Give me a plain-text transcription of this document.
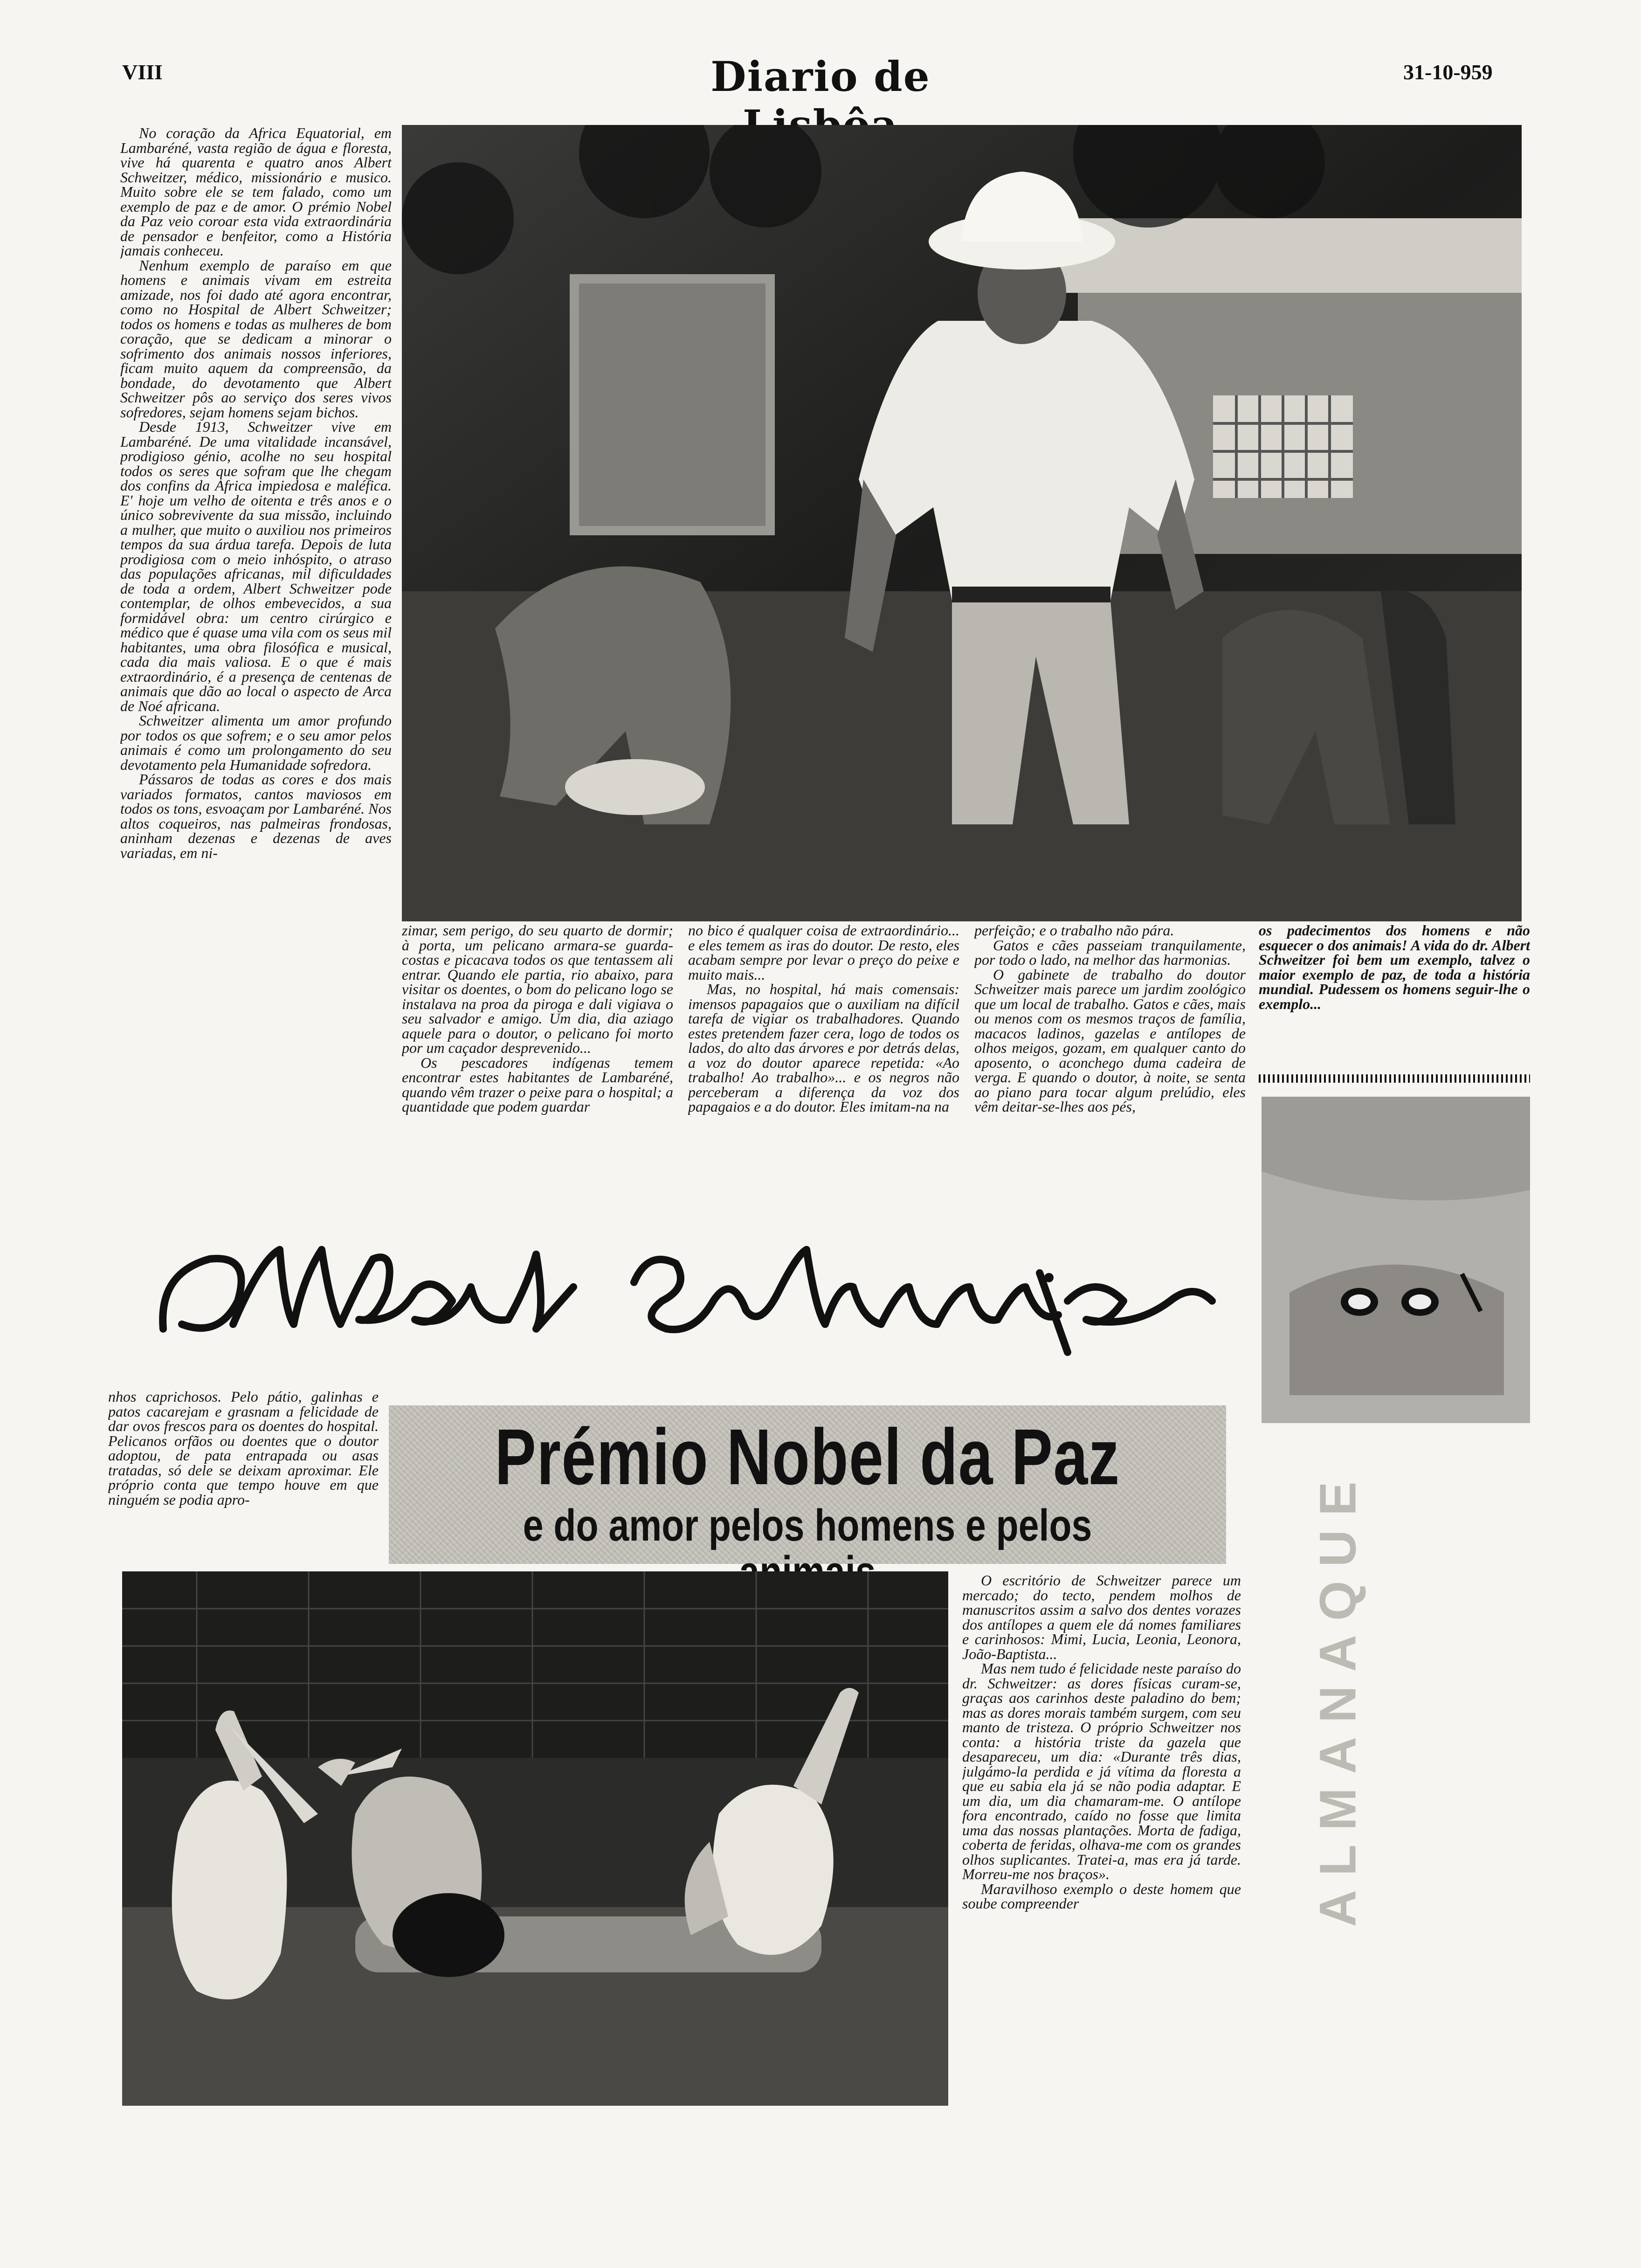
VIII	Diario de	31-10-959

No coração da Africa Equatorial, em Lambaréné, vasta região de água e floresta, vive há quarenta e quatro anos Albert Schweitzer, médico, missionário e musico. Muito sobre ele se tem falado, como um exemplo de paz e de amor. O prémio Nobel da Paz veio coroar esta vida extraordinária de pensador e benfeitor, como a História jamais conheceu.

Nenhum exemplo de paraíso em que homens e animais vivam em estreita amizade, nos foi dado até agora encontrar, como no Hospital de Albert Schweitzer; todos os homens e todas as mulheres de bom coração, que se dedicam a minorar o sofrimento dos animais nossos inferiores, ficam muito aquem da compreensão, da bondade, do devotamento que Albert Schweitzer pôs ao serviço dos seres vivos sofredores, sejam homens sejam bichos.

Desde 1913, Schweitzer vive em Lambaréné. De uma vitalidade incansável, prodigioso génio, acolhe no seu hospital todos os seres que sofram que lhe chegam dos confins da Africa impiedosa e maléfica. E' hoje um velho de oitenta e três anos e o único sobrevivente da sua missão, incluindo a mulher, que muito o auxiliou nos primeiros tempos da sua árdua tarefa. Depois de luta prodigiosa com o meio inhóspito, o atraso das populações africanas, mil dificuldades de toda a ordem, Albert Schweitzer pode contemplar, de olhos embevecidos, a sua formidável obra: um centro cirúrgico e médico que é quase uma vila com os seus mil habitantes, uma obra filosófica e musical, cada dia mais valiosa. E o que é mais extraordinário, é a presença de centenas de animais que dão ao local o aspecto de Arca de Noé africana.

Schweitzer alimenta um amor profundo por todos os que sofrem; e o seu amor pelos animais é como um prolongamento do seu devotamento pela Humanidade sofredora.

Pássaros de todas as cores e dos mais variados formatos, cantos maviosos em todos os tons, esvoaçam por Lambaréné. Nos altos coqueiros, nas palmeiras frondosas, aninham dezenas e dezenas de aves variadas, em ni-

zimar, sem perigo, do seu quarto de dormir; à porta, um pelicano armara-se guarda-costas e picacava todos os que tentassem ali entrar. Quando ele partia, rio abaixo, para visitar os doentes, o bom do pelicano logo se instalava na proa da piroga e dali vigiava o seu salvador e amigo. Um dia, dia aziago aquele para o doutor, o pelicano foi morto por um caçador desprevenido...

Os pescadores indígenas temem encontrar estes habitantes de Lambaréné, quando vêm trazer o peixe para o hospital; a quantidade que podem guardar

no bico é qualquer coisa de extraordinário... e eles temem as iras do doutor. De resto, eles acabam sempre por levar o preço do peixe e muito mais...

Mas, no hospital, há mais comensais: imensos papagaios que o auxiliam na difícil tarefa de vigiar os trabalhadores. Quando estes pretendem fazer cera, logo de todos os lados, do alto das árvores e por detrás delas, a voz do doutor aparece repetida: «Ao trabalho! Ao trabalho»... e os negros não perceberam a diferença da voz dos papagaios e a do doutor. Eles imitam-na na

perfeição; e o trabalho não pára.

Gatos e cães passeiam tranquilamente, por todo o lado, na melhor das harmonias.

O gabinete de trabalho do doutor Schweitzer mais parece um jardim zoológico que um local de trabalho. Gatos e cães, mais ou menos com os mesmos traços de família, macacos ladinos, gazelas e antílopes de olhos meigos, gozam, em qualquer canto do aposento, o aconchego duma cadeira de verga. E quando o doutor, à noite, se senta ao piano para tocar algum prelúdio, eles vêm deitar-se-lhes aos pés,

os padecimentos dos homens e não esquecer o dos animais! A vida do dr. Albert Schweitzer foi bem um exemplo, talvez o maior exemplo de paz, de toda a história mundial. Pudessem os homens seguir-lhe o exemplo...

nhos caprichosos. Pelo pátio, galinhas e patos cacarejam e grasnam a felicidade de dar ovos frescos para os doentes do hospital. Pelicanos orfãos ou doentes que o doutor adoptou, de pata entrapada ou asas tratadas, só dele se deixam aproximar. Ele próprio conta que tempo houve em que ninguém se podia apro-	Prémio Nobel da Paz
e do amor pelos homens e pelos

O escritório de Schweitzer parece um mercado; do tecto, pendem molhos de manuscritos assim a salvo dos dentes vorazes dos antílopes a quem ele dá nomes familiares e carinhosos: Mimi, Lucia, Leonia, Leonora, João-Baptista...

Mas nem tudo é felicidade neste paraíso do dr. Schweitzer: as dores físicas curam-se, graças aos carinhos deste paladino do bem; mas as dores morais também surgem, com seu manto de tristeza. O próprio Schweitzer nos conta: a história triste da gazela que desapareceu, um dia: «Durante três dias, julgámo-la perdida e já vítima da floresta a que eu sabia ela já se não podia adaptar. E um dia, um dia chamaram-me. O antílope fora encontrado, caído no fosse que limita uma das nossas plantações. Morta de fadiga, coberta de feridas, olhava-me com os grandes olhos suplicantes. Tratei-a, mas era já tarde. Morreu-me nos braços».

Maravilhoso exemplo o deste homem que soube compreender	ALMANAQUE
